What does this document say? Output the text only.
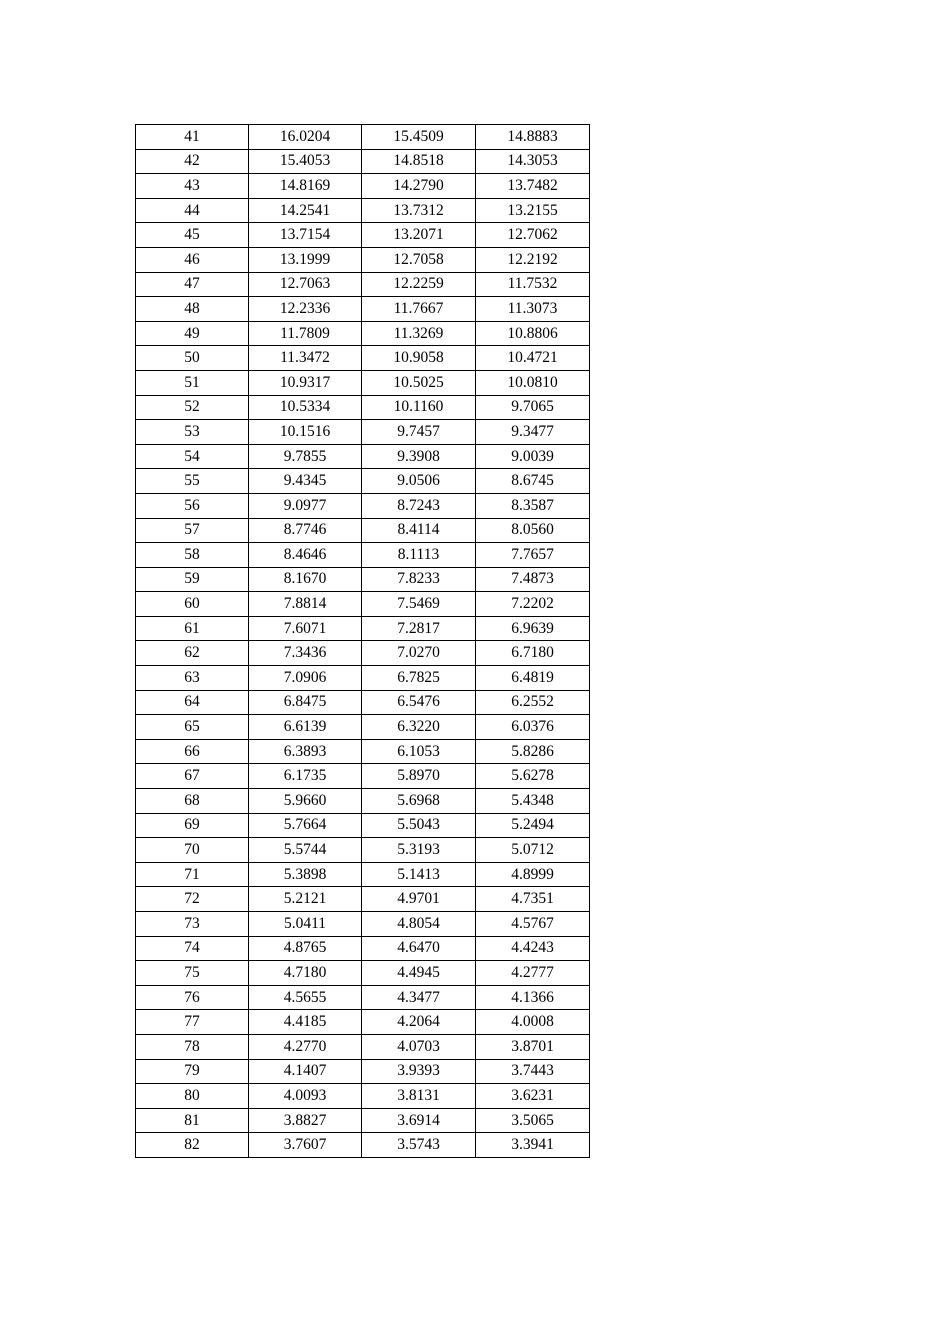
41	16.0204	15.4509	14.8883
42	15.4053	14.8518	14.3053
43	14.8169	14.2790	13.7482
44	14.2541	13.7312	13.2155
45	13.7154	13.2071	12.7062
46	13.1999	12.7058	12.2192
47	12.7063	12.2259	11.7532
48	12.2336	11.7667	11.3073
49	11.7809	11.3269	10.8806
50	11.3472	10.9058	10.4721
51	10.9317	10.5025	10.0810
52	10.5334	10.1160	9.7065
53	10.1516	9.7457	9.3477
54	9.7855	9.3908	9.0039
55	9.4345	9.0506	8.6745
56	9.0977	8.7243	8.3587
57	8.7746	8.4114	8.0560
58	8.4646	8.1113	7.7657
59	8.1670	7.8233	7.4873
60	7.8814	7.5469	7.2202
61	7.6071	7.2817	6.9639
62	7.3436	7.0270	6.7180
63	7.0906	6.7825	6.4819
64	6.8475	6.5476	6.2552
65	6.6139	6.3220	6.0376
66	6.3893	6.1053	5.8286
67	6.1735	5.8970	5.6278
68	5.9660	5.6968	5.4348
69	5.7664	5.5043	5.2494
70	5.5744	5.3193	5.0712
71	5.3898	5.1413	4.8999
72	5.2121	4.9701	4.7351
73	5.0411	4.8054	4.5767
74	4.8765	4.6470	4.4243
75	4.7180	4.4945	4.2777
76	4.5655	4.3477	4.1366
77	4.4185	4.2064	4.0008
78	4.2770	4.0703	3.8701
79	4.1407	3.9393	3.7443
80	4.0093	3.8131	3.6231
81	3.8827	3.6914	3.5065
82	3.7607	3.5743	3.3941
